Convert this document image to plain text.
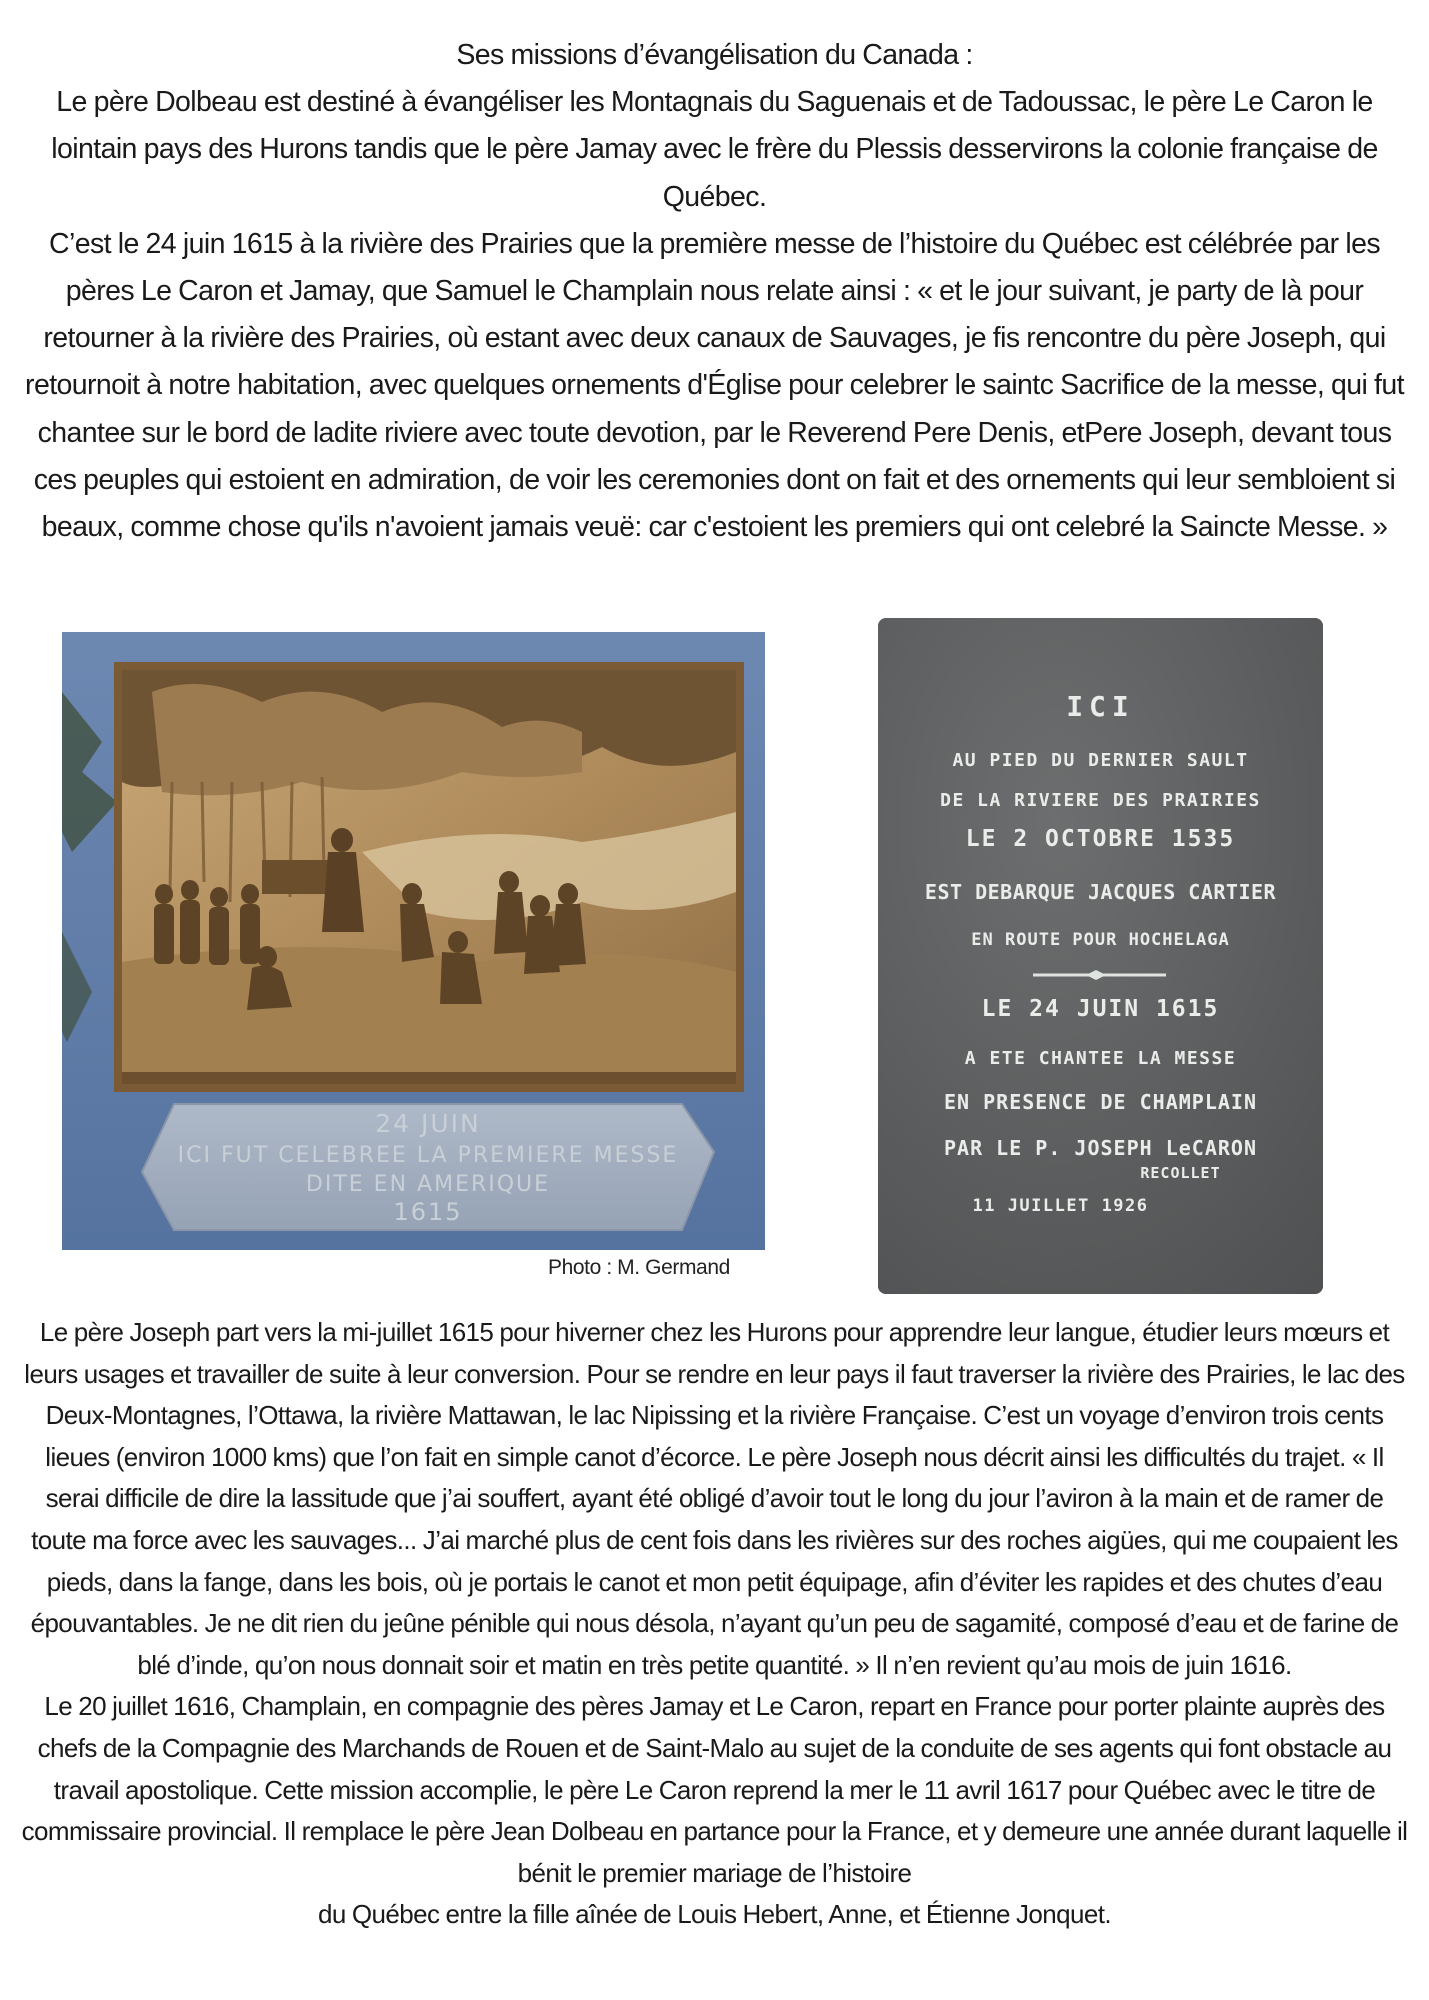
Ses missions d’évangélisation du Canada :

Le père Dolbeau est destiné à évangéliser les Montagnais du Saguenais et de Tadoussac, le père Le Caron le lointain pays des Hurons tandis que le père Jamay avec le frère du Plessis desservirons la colonie française de Québec.

C’est le 24 juin 1615 à la rivière des Prairies que la première messe de l’histoire du Québec est célébrée par les pères Le Caron et Jamay, que Samuel le Champlain nous relate ainsi : « et le jour suivant, je party de là pour retourner à la rivière des Prairies, où estant avec deux canaux de Sauvages, je fis rencontre du père Joseph, qui retournoit à notre habitation, avec quelques ornements d'Église pour celebrer le saintc Sacrifice de la messe, qui fut chantee sur le bord de ladite riviere avec toute devotion, par le Reverend Pere Denis, etPere Joseph, devant tous ces peuples qui estoient en admiration, de voir les ceremonies dont on fait et des ornements qui leur sembloient si beaux, comme chose qu'ils n'avoient jamais veuë: car c'estoient les premiers qui ont celebré la Saincte Messe. »

24 JUIN
ICI FUT CELEBREE LA PREMIERE MESSE
DITE EN AMERIQUE
1615
Photo : M. Germand
ICI
AU PIED DU DERNIER SAULT
DE LA RIVIERE DES PRAIRIES
LE 2 OCTOBRE 1535
EST DEBARQUE JACQUES CARTIER
EN ROUTE POUR HOCHELAGA
LE 24 JUIN 1615
A ETE CHANTEE LA MESSE
EN PRESENCE DE CHAMPLAIN
PAR LE P. JOSEPH LeCARON
RECOLLET
11 JUILLET 1926

Le père Joseph part vers la mi-juillet 1615 pour hiverner chez les Hurons pour apprendre leur langue, étudier leurs mœurs et leurs usages et travailler de suite à leur conversion. Pour se rendre en leur pays il faut traverser la rivière des Prairies, le lac des Deux-Montagnes, l’Ottawa, la rivière Mattawan, le lac Nipissing et la rivière Française. C’est un voyage d’environ trois cents lieues (environ 1000 kms) que l’on fait en simple canot d’écorce. Le père Joseph nous décrit ainsi les difficultés du trajet. « Il serai difficile de dire la lassitude que j’ai souffert, ayant été obligé d’avoir tout le long du jour l’aviron à la main et de ramer de toute ma force avec les sauvages... J’ai marché plus de cent fois dans les rivières sur des roches aigües, qui me coupaient les pieds, dans la fange, dans les bois, où je portais le canot et mon petit équipage, afin d’éviter les rapides et des chutes d’eau épouvantables. Je ne dit rien du jeûne pénible qui nous désola, n’ayant qu’un peu de sagamité, composé d’eau et de farine de blé d’inde, qu’on nous donnait soir et matin en très petite quantité. » Il n’en revient qu’au mois de juin 1616.

Le 20 juillet 1616, Champlain, en compagnie des pères Jamay et Le Caron, repart en France pour porter plainte auprès des chefs de la Compagnie des Marchands de Rouen et de Saint-Malo au sujet de la conduite de ses agents qui font obstacle au travail apostolique. Cette mission accomplie, le père Le Caron reprend la mer le 11 avril 1617 pour Québec avec le titre de commissaire provincial. Il remplace le père Jean Dolbeau en partance pour la France, et y demeure une année durant laquelle il bénit le premier mariage de l’histoire

du Québec entre la fille aînée de Louis Hebert, Anne, et Étienne Jonquet.
